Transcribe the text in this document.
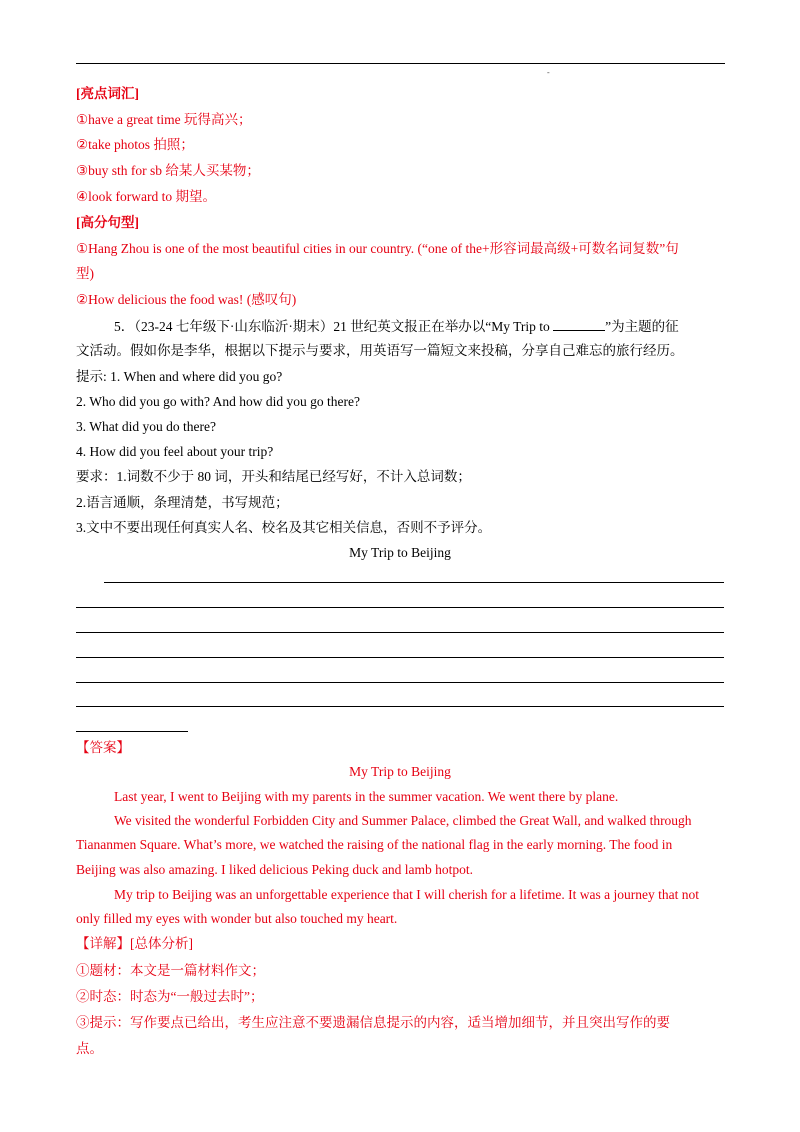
-
[亮点词汇]
①have a great time 玩得高兴；
②take photos 拍照；
③buy sth for sb 给某人买某物；
④look forward to 期望。
[高分句型]
①Hang Zhou is one of the most beautiful cities in our country. (“one of the+形容词最高级+可数名词复数”句
型)
②How delicious the food was! (感叹句)
5．（23-24 七年级下·山东临沂·期末）21 世纪英文报正在举办以“My Trip to	”为主题的征
文活动。假如你是李华，根据以下提示与要求，用英语写一篇短文来投稿，分享自己难忘的旅行经历。
提示: 1. When and where did you go?
2. Who did you go with? And how did you go there?
3. What did you do there?
4. How did you feel about your trip?
要求：1.词数不少于 80 词，开头和结尾已经写好，不计入总词数；
2.语言通顺，条理清楚，书写规范；
3.文中不要出现任何真实人名、校名及其它相关信息，否则不予评分。
My Trip to Beijing
【答案】
My Trip to Beijing
Last year, I went to Beijing with my parents in the summer vacation. We went there by plane.
We visited the wonderful Forbidden City and Summer Palace, climbed the Great Wall, and walked through
Tiananmen Square. What’s more, we watched the raising of the national flag in the early morning. The food in
Beijing was also amazing. I liked delicious Peking duck and lamb hotpot.
My trip to Beijing was an unforgettable experience that I will cherish for a lifetime. It was a journey that not
only filled my eyes with wonder but also touched my heart.
【详解】[总体分析]
①题材：本文是一篇材料作文；
②时态：时态为“一般过去时”；
③提示：写作要点已给出，考生应注意不要遗漏信息提示的内容，适当增加细节，并且突出写作的要
点。
